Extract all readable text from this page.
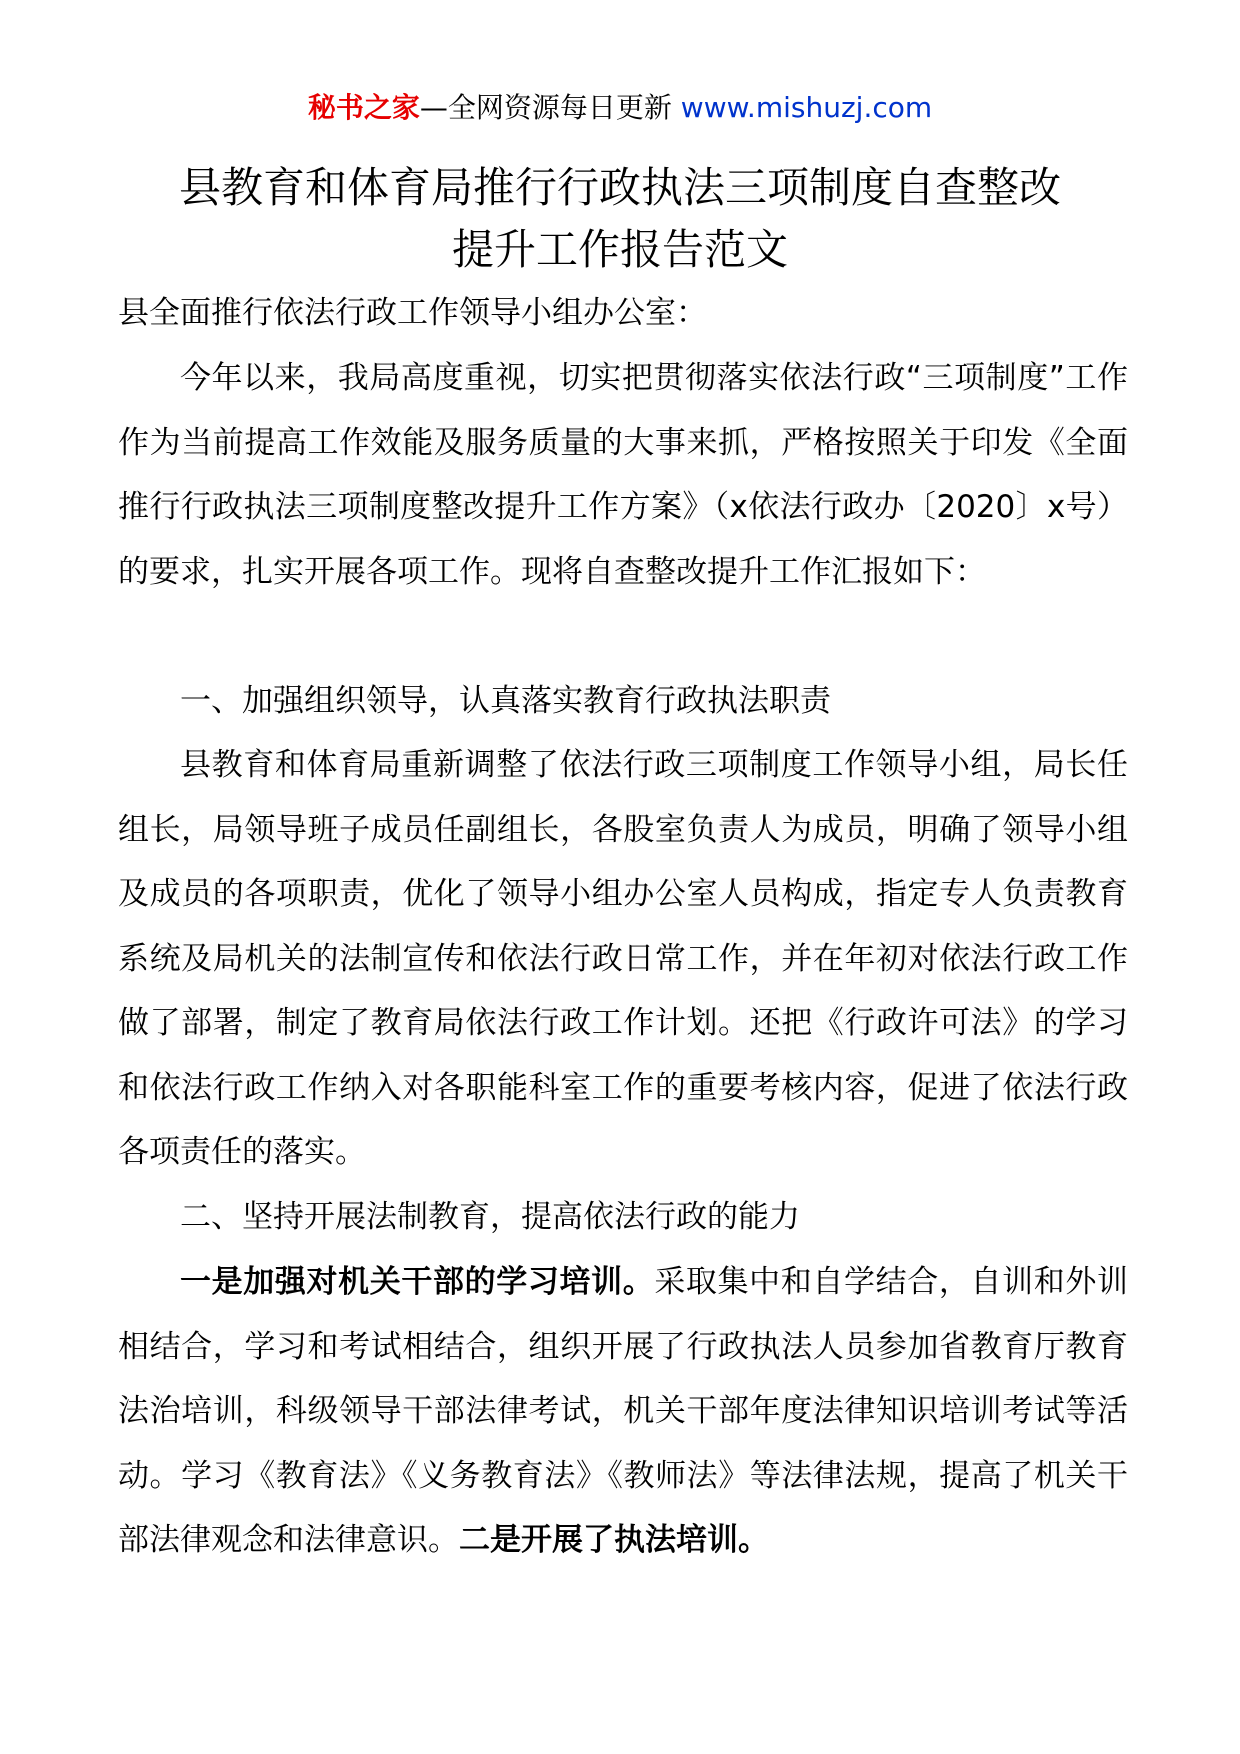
秘书之家—全网资源每日更新 www.mishuzj.com
县教育和体育局推行行政执法三项制度自查整改
提升工作报告范文

县全面推行依法行政工作领导小组办公室：

今年以来，我局高度重视，切实把贯彻落实依法行政“三项制度”工作作为当前提高工作效能及服务质量的大事来抓，严格按照关于印发《全面推行行政执法三项制度整改提升工作方案》（x依法行政办〔2020〕x号）的要求，扎实开展各项工作。现将自查整改提升工作汇报如下：

一、加强组织领导，认真落实教育行政执法职责

县教育和体育局重新调整了依法行政三项制度工作领导小组，局长任组长，局领导班子成员任副组长，各股室负责人为成员，明确了领导小组及成员的各项职责，优化了领导小组办公室人员构成，指定专人负责教育系统及局机关的法制宣传和依法行政日常工作，并在年初对依法行政工作做了部署，制定了教育局依法行政工作计划。还把《行政许可法》的学习和依法行政工作纳入对各职能科室工作的重要考核内容，促进了依法行政各项责任的落实。

二、坚持开展法制教育，提高依法行政的能力

一是加强对机关干部的学习培训。采取集中和自学结合，自训和外训相结合，学习和考试相结合，组织开展了行政执法人员参加省教育厅教育法治培训，科级领导干部法律考试，机关干部年度法律知识培训考试等活动。学习《教育法》《义务教育法》《教师法》等法律法规，提高了机关干部法律观念和法律意识。二是开展了执法培训。
